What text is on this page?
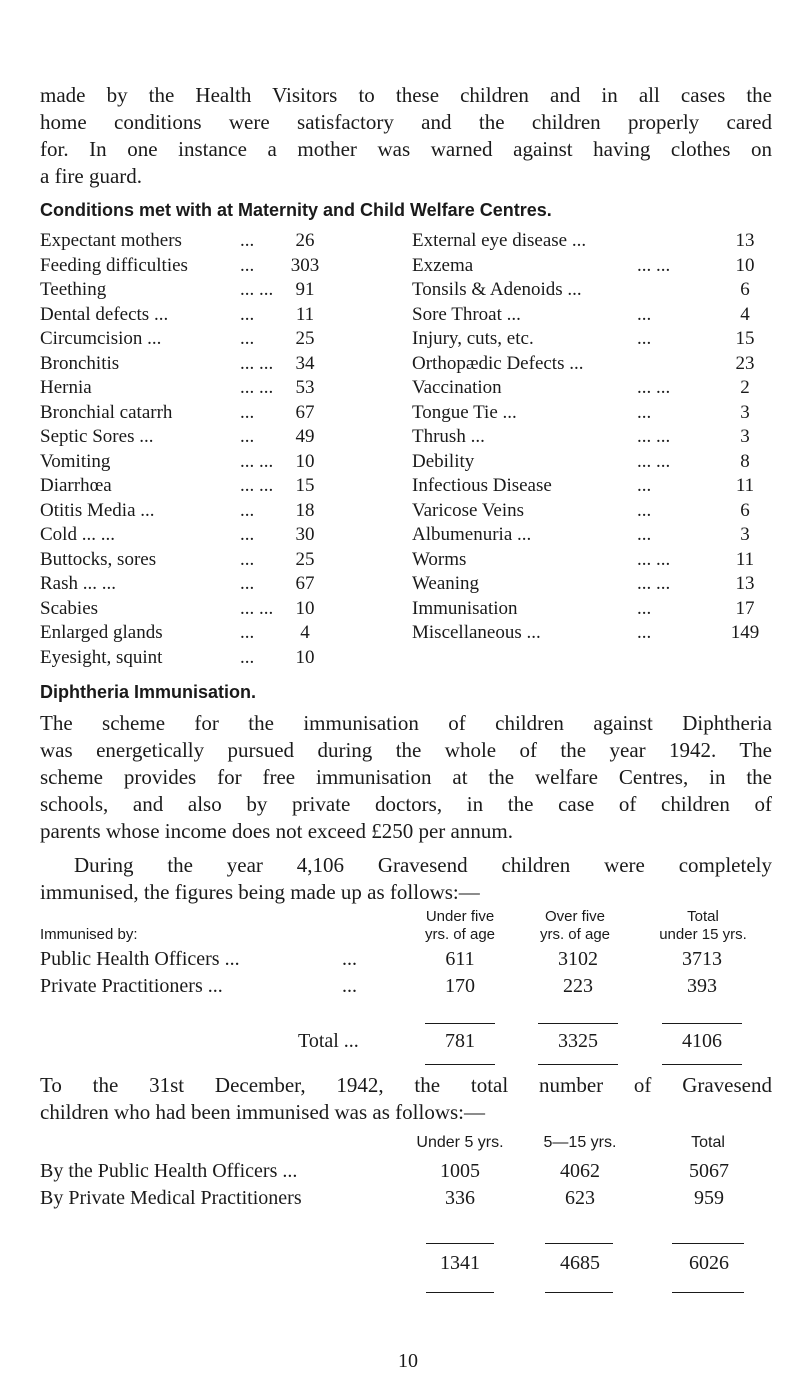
made by the Health Visitors to these children and in all cases the
home conditions were satisfactory and the children properly cared
for. In one instance a mother was warned against having clothes on
a fire guard.
Conditions met with at Maternity and Child Welfare Centres.
Expectant mothers	...	26
Feeding difficulties	...	303
Teething	... ...	91
Dental defects ...	...	11
Circumcision ...	...	25
Bronchitis	... ...	34
Hernia	... ...	53
Bronchial catarrh	...	67
Septic Sores ...	...	49
Vomiting	... ...	10
Diarrhœa	... ...	15
Otitis Media ...	...	18
Cold ... ...	...	30
Buttocks, sores	...	25
Rash ... ...	...	67
Scabies	... ...	10
Enlarged glands	...	4
Eyesight, squint	...	10
External eye disease ...	13
Exzema	... ...	10
Tonsils & Adenoids ...	6
Sore Throat ...	...	4
Injury, cuts, etc.	...	15
Orthopædic Defects ...	23
Vaccination	... ...	2
Tongue Tie ...	...	3
Thrush ...	... ...	3
Debility	... ...	8
Infectious Disease	...	11
Varicose Veins	...	6
Albumenuria ...	...	3
Worms	... ...	11
Weaning	... ...	13
Immunisation	...	17
Miscellaneous ...	...	149
Diphtheria Immunisation.
The scheme for the immunisation of children against Diphtheria
was energetically pursued during the whole of the year 1942. The
scheme provides for free immunisation at the welfare Centres, in the
schools, and also by private doctors, in the case of children of
parents whose income does not exceed £250 per annum.
During the year 4,106 Gravesend children were completely
immunised, the figures being made up as follows:—
Under five
yrs. of age
Over five
yrs. of age
Total
under 15 yrs.
Immunised by:
Public Health Officers ...	...	611	3102	3713
Private Practitioners ...	...	170	223	393
Total ...	781	3325	4106
To the 31st December, 1942, the total number of Gravesend
children who had been immunised was as follows:—
Under 5 yrs.	5—15 yrs.	Total
By the Public Health Officers ...	1005	4062	5067
By Private Medical Practitioners	336	623	959
1341	4685	6026
10
